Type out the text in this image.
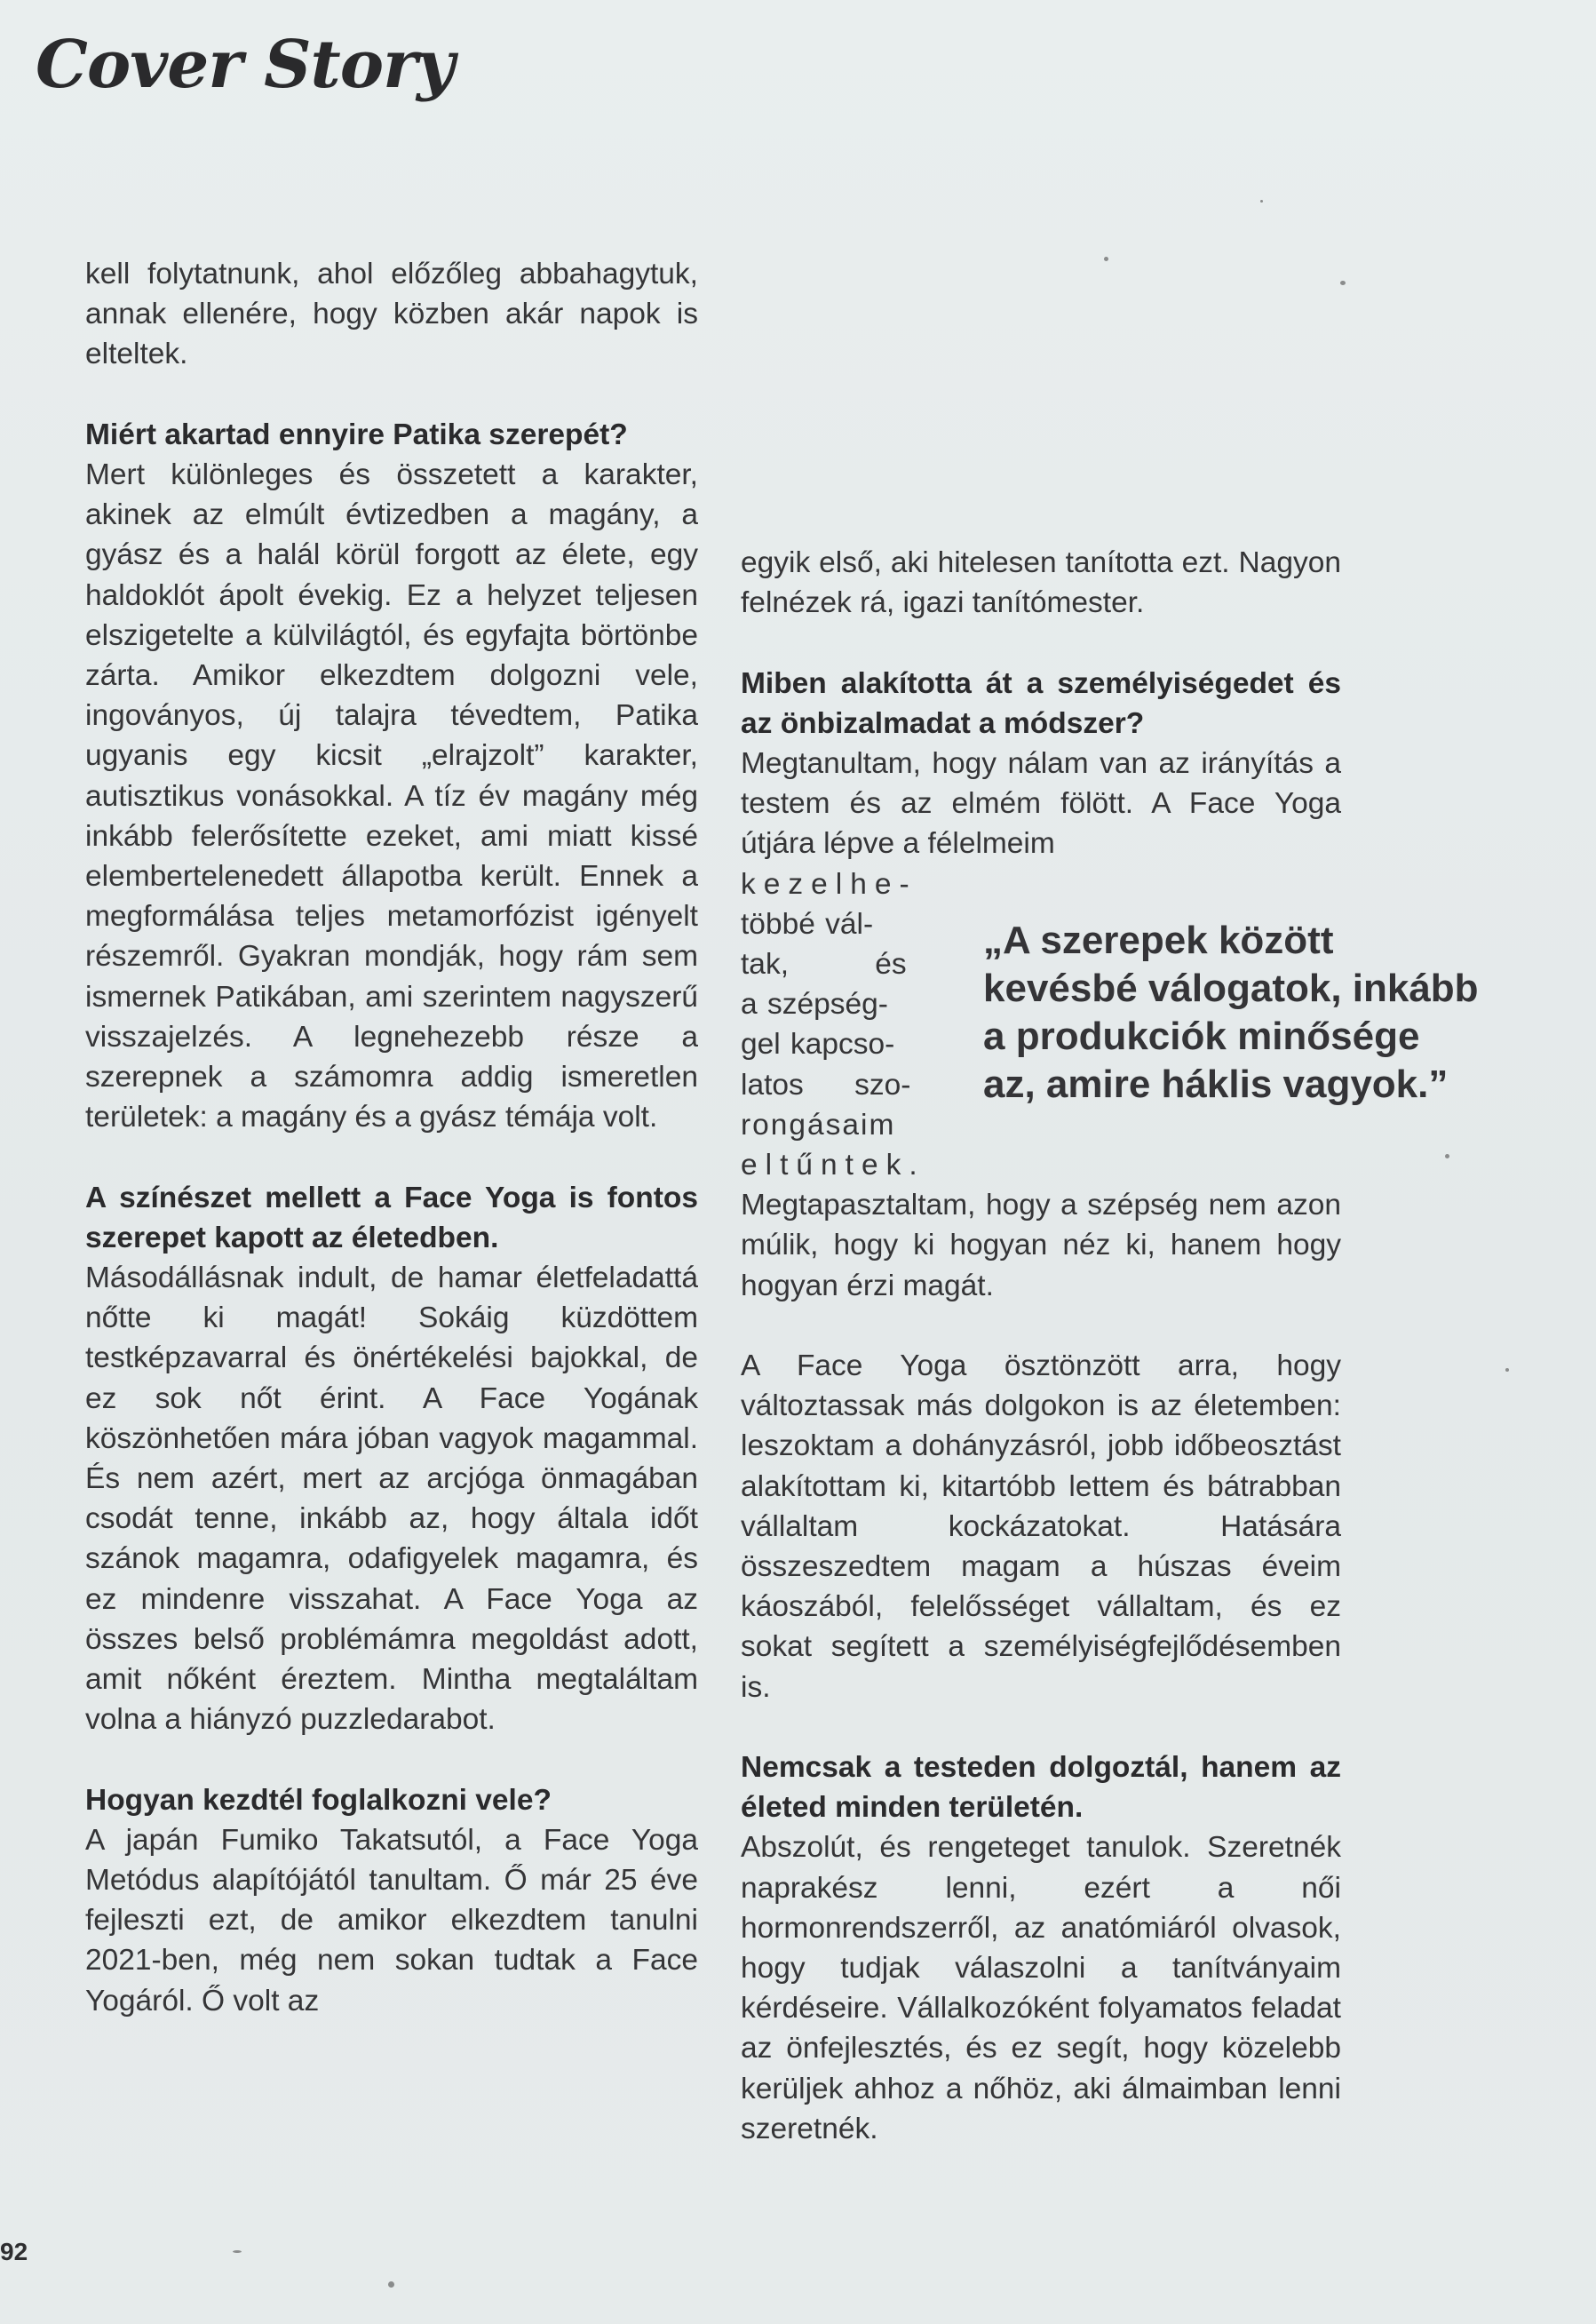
Cover Story

kell folytatnunk, ahol előzőleg abbahagytuk, annak ellenére, hogy közben akár napok is elteltek.

Miért akartad ennyire Patika szerepét?
Mert különleges és összetett a karakter, akinek az elmúlt évtizedben a magány, a gyász és a halál körül forgott az élete, egy haldoklót ápolt évekig. Ez a helyzet teljesen elszigetelte a külvilágtól, és egyfajta börtönbe zárta. Amikor elkezdtem dolgozni vele, ingoványos, új talajra tévedtem, Patika ugyanis egy kicsit „elrajzolt” karakter, autisztikus vonásokkal. A tíz év magány még inkább felerősítette ezeket, ami miatt kissé elembertelenedett állapotba került. Ennek a megformálása teljes metamorfózist igényelt részemről. Gyakran mondják, hogy rám sem ismernek Patikában, ami szerintem nagyszerű visszajelzés. A legnehezebb része a szerepnek a számomra addig ismeretlen területek: a magány és a gyász témája volt.

A színészet mellett a Face Yoga is fontos szerepet kapott az életedben.
Másodállásnak indult, de hamar életfeladattá nőtte ki magát! Sokáig küzdöttem testképzavarral és önértékelési bajokkal, de ez sok nőt érint. A Face Yogának köszönhetően mára jóban vagyok magammal. És nem azért, mert az arcjóga önmagában csodát tenne, inkább az, hogy általa időt szánok magamra, odafigyelek magamra, és ez mindenre visszahat. A Face Yoga az összes belső problémámra megoldást adott, amit nőként éreztem. Mintha megtaláltam volna a hiányzó puzzledarabot.

Hogyan kezdtél foglalkozni vele?
A japán Fumiko Takatsutól, a Face Yoga Metódus alapítójától tanultam. Ő már 25 éve fejleszti ezt, de amikor elkezdtem tanulni 2021-ben, még nem sokan tudtak a Face Yogáról. Ő volt az

egyik első, aki hitelesen tanította ezt. Nagyon felnézek rá, igazi tanítómester.

Miben alakította át a személyiségedet és az önbizalmadat a módszer?
Megtanultam, hogy nálam van az irányítás a testem és az elmém fölött. A Face Yoga útjára lépve a félelmeim

kezelhe-
többé vál-
tak, és
a szépség-
gel kapcso-
latos szo-
rongásaim
eltűntek.

Megtapasztaltam, hogy a szépség nem azon múlik, hogy ki hogyan néz ki, hanem hogy hogyan érzi magát.

A Face Yoga ösztönzött arra, hogy változtassak más dolgokon is az életemben: leszoktam a dohányzásról, jobb időbeosztást alakítottam ki, kitartóbb lettem és bátrabban vállaltam kockázatokat. Hatására összeszedtem magam a húszas éveim káoszából, felelősséget vállaltam, és ez sokat segített a személyiségfejlődésemben is.

Nemcsak a testeden dolgoztál, hanem az életed minden területén.
Abszolút, és rengeteget tanulok. Szeretnék naprakész lenni, ezért a női hormonrendszerről, az anatómiáról olvasok, hogy tudjak válaszolni a tanítványaim kérdéseire. Vállalkozóként folyamatos feladat az önfejlesztés, és ez segít, hogy közelebb kerüljek ahhoz a nőhöz, aki álmaimban lenni szeretnék.

„A szerepek között
kevésbé válogatok, inkább
a produkciók minősége
az, amire háklis vagyok.”
92
